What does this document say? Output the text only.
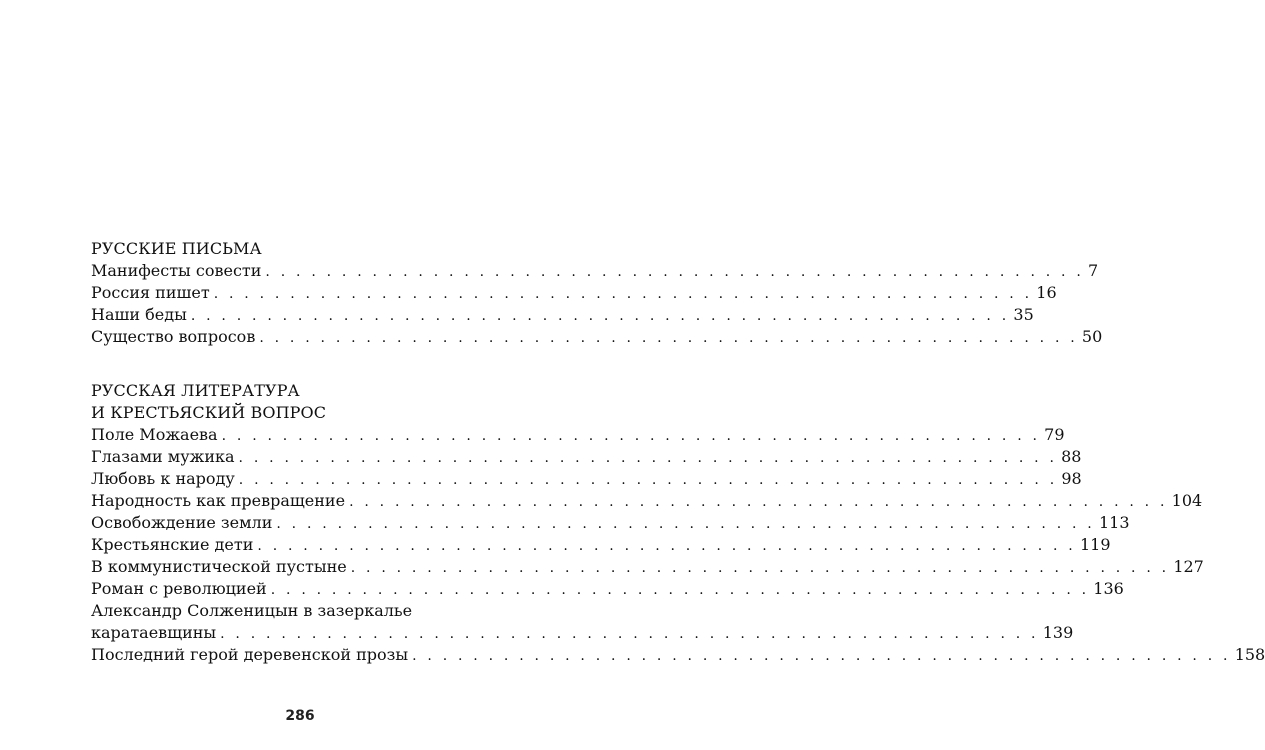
РУССКИЕ ПИСЬМА
Манифесты совести . . . . . . . . . . . . . . . . . . . . . . . . . . . . . . . . . . . . . . . . . . . . . . . . . . . . . . 7
Россия пишет . . . . . . . . . . . . . . . . . . . . . . . . . . . . . . . . . . . . . . . . . . . . . . . . . . . . . . 16
Наши беды . . . . . . . . . . . . . . . . . . . . . . . . . . . . . . . . . . . . . . . . . . . . . . . . . . . . . . 35
Существо вопросов . . . . . . . . . . . . . . . . . . . . . . . . . . . . . . . . . . . . . . . . . . . . . . . . . . . . . . 50
РУССКАЯ ЛИТЕРАТУРА
И КРЕСТЬЯСКИЙ ВОПРОС
Поле Можаева . . . . . . . . . . . . . . . . . . . . . . . . . . . . . . . . . . . . . . . . . . . . . . . . . . . . . . 79
Глазами мужика . . . . . . . . . . . . . . . . . . . . . . . . . . . . . . . . . . . . . . . . . . . . . . . . . . . . . . 88
Любовь к народу . . . . . . . . . . . . . . . . . . . . . . . . . . . . . . . . . . . . . . . . . . . . . . . . . . . . . . 98
Народность как превращение . . . . . . . . . . . . . . . . . . . . . . . . . . . . . . . . . . . . . . . . . . . . . . . . . . . . . . 104
Освобождение земли . . . . . . . . . . . . . . . . . . . . . . . . . . . . . . . . . . . . . . . . . . . . . . . . . . . . . . 113
Крестьянские дети . . . . . . . . . . . . . . . . . . . . . . . . . . . . . . . . . . . . . . . . . . . . . . . . . . . . . . 119
В коммунистической пустыне . . . . . . . . . . . . . . . . . . . . . . . . . . . . . . . . . . . . . . . . . . . . . . . . . . . . . . 127
Роман с революцией . . . . . . . . . . . . . . . . . . . . . . . . . . . . . . . . . . . . . . . . . . . . . . . . . . . . . . 136
Александр Солженицын в зазеркалье
каратаевщины . . . . . . . . . . . . . . . . . . . . . . . . . . . . . . . . . . . . . . . . . . . . . . . . . . . . . . 139
Последний герой деревенской прозы . . . . . . . . . . . . . . . . . . . . . . . . . . . . . . . . . . . . . . . . . . . . . . . . . . . . . . 158
286
